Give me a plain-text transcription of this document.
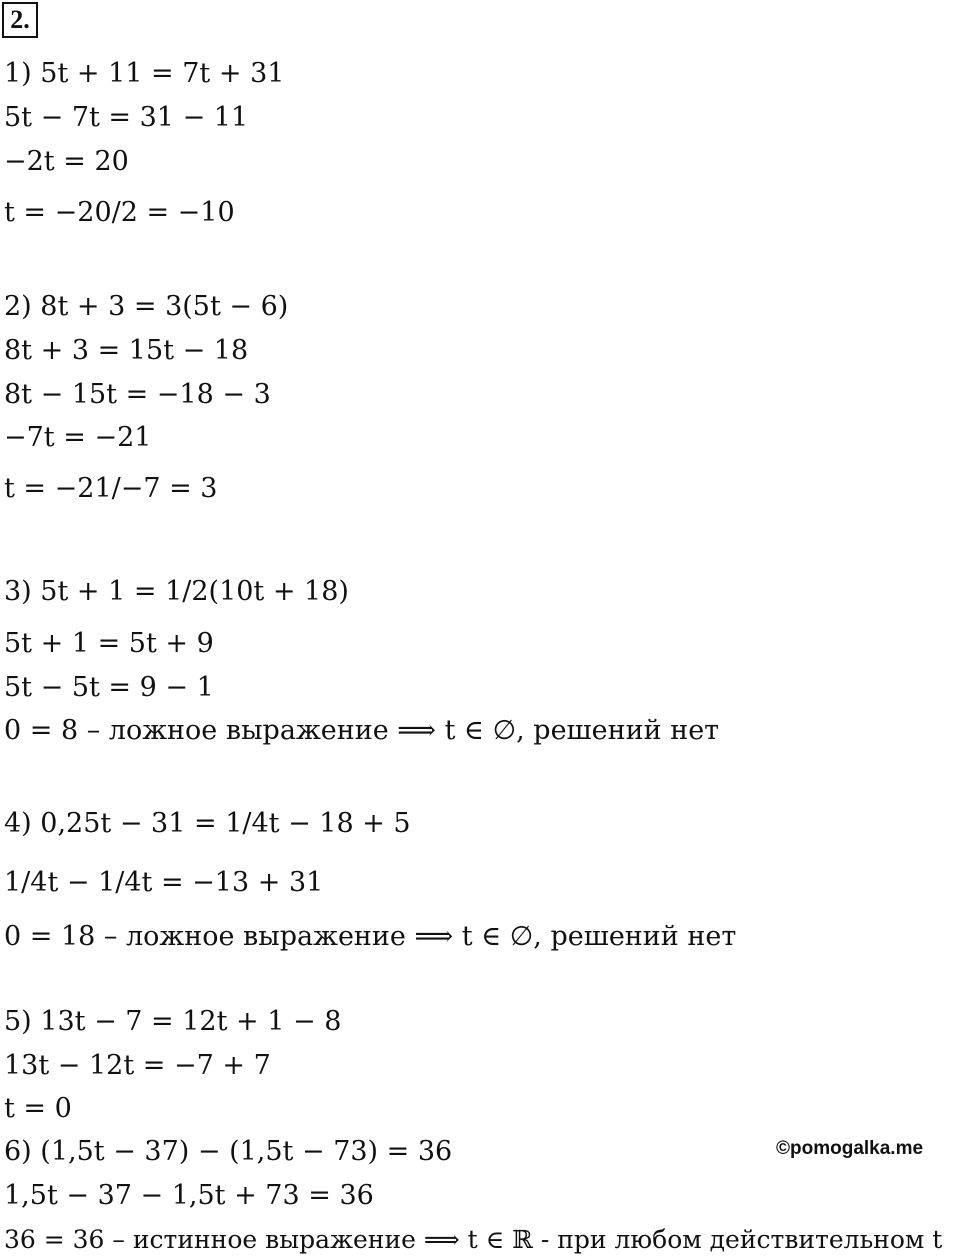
2.
1) 5t + 11 = 7t + 31
5t − 7t = 31 − 11
−2t = 20
t = −20/2 = −10
2) 8t + 3 = 3(5t − 6)
8t + 3 = 15t − 18
8t − 15t = −18 − 3
−7t = −21
t = −21/−7 = 3
3) 5t + 1 = 1/2(10t + 18)
5t + 1 = 5t + 9
5t − 5t = 9 − 1
0 = 8 – ложное выражение ⟹ t ∈ ∅, решений нет
4) 0,25t − 31 = 1/4t − 18 + 5
1/4t − 1/4t = −13 + 31
0 = 18 – ложное выражение ⟹ t ∈ ∅, решений нет
5) 13t − 7 = 12t + 1 − 8
13t − 12t = −7 + 7
t = 0
6) (1,5t − 37) − (1,5t − 73) = 36
1,5t − 37 − 1,5t + 73 = 36
36 = 36 – истинное выражение ⟹ t ∈ ℝ - при любом действительном t
©pomogalka.me
